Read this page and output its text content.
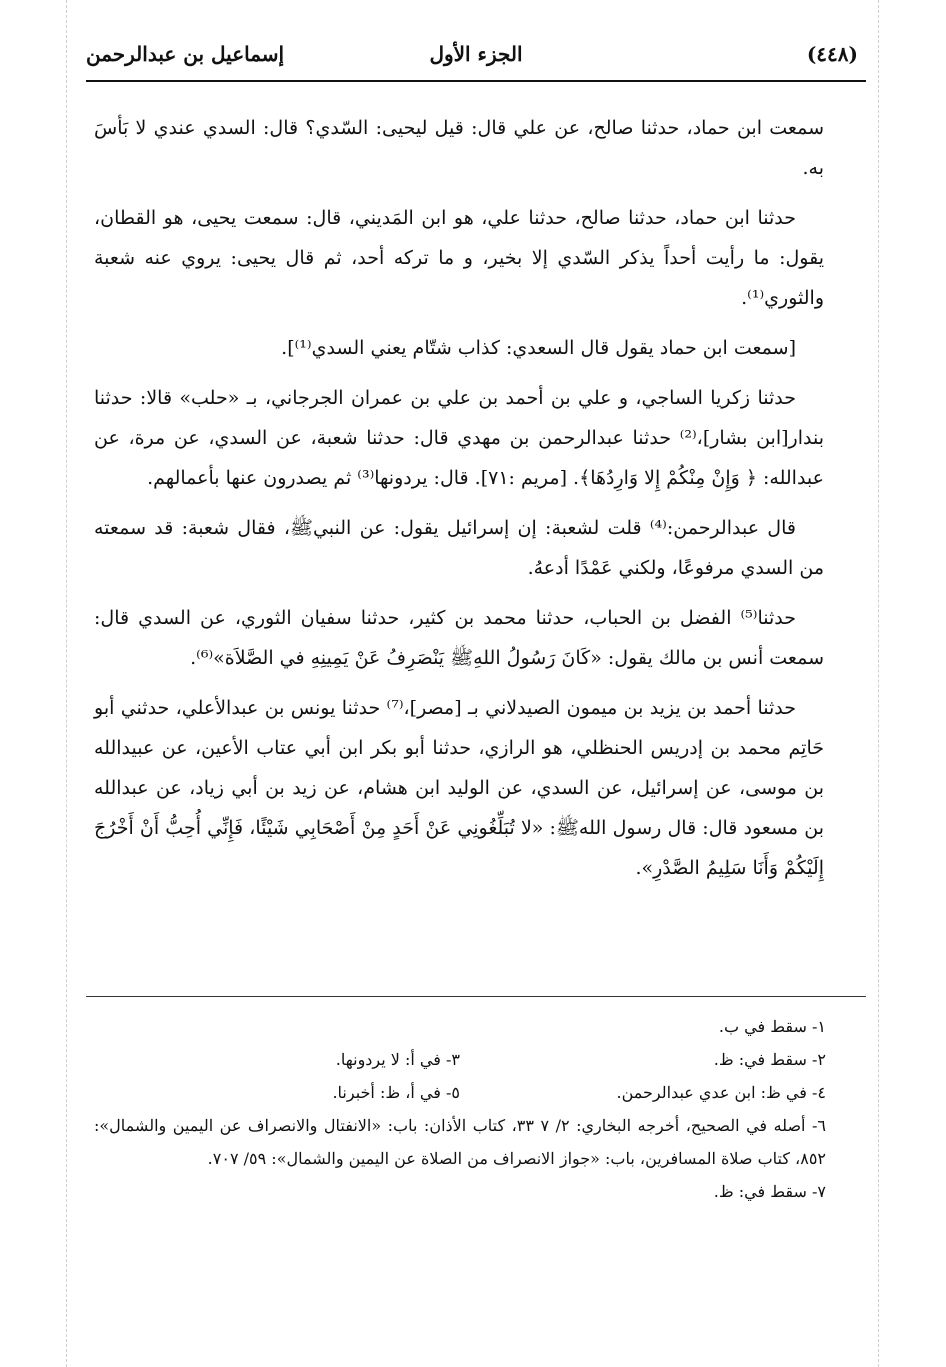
(٤٤٨)
الجزء الأول
إسماعيل بن عبدالرحمن

سمعت ابن حماد، حدثنا صالح، عن علي قال: قيل ليحيى: السّدي؟ قال: السدي عندي لا بَأسَ به.

حدثنا ابن حماد، حدثنا صالح، حدثنا علي، هو ابن المَديني، قال: سمعت يحيى، هو القطان، يقول: ما رأيت أحداً يذكر السّدي إلا بخير، و ما تركه أحد، ثم قال يحيى: يروي عنه شعبة والثوري⁽¹⁾.

[سمعت ابن حماد يقول قال السعدي: كذاب شتّام يعني السدي⁽¹⁾].

حدثنا زكريا الساجي، و علي بن أحمد بن علي بن عمران الجرجاني، بـ «حلب» قالا: حدثنا بندار[ابن بشار]،⁽²⁾ حدثنا عبدالرحمن بن مهدي قال: حدثنا شعبة، عن السدي، عن مرة، عن عبدالله: ﴿ وَإِنْ مِنْكُمْ إِلا وَارِدُهَا﴾. [مريم :٧١]. قال: يردونها⁽³⁾ ثم يصدرون عنها بأعمالهم.

قال عبدالرحمن:⁽⁴⁾ قلت لشعبة: إن إسرائيل يقول: عن النبيﷺ، فقال شعبة: قد سمعته من السدي مرفوعًا، ولكني عَمْدًا أدعهُ.

حدثنا⁽⁵⁾ الفضل بن الحباب، حدثنا محمد بن كثير، حدثنا سفيان الثوري، عن السدي قال: سمعت أنس بن مالك يقول: «كَانَ رَسُولُ اللهِﷺ يَنْصَرِفُ عَنْ يَمِينِهِ في الصَّلاَة»⁽⁶⁾.

حدثنا أحمد بن يزيد بن ميمون الصيدلاني بـ [مصر]،⁽⁷⁾ حدثنا يونس بن عبدالأعلي، حدثني أبو حَاتِم محمد بن إدريس الحنظلي، هو الرازي، حدثنا أبو بكر ابن أبي عتاب الأعين، عن عبيدالله بن موسى، عن إسرائيل، عن السدي، عن الوليد ابن هشام، عن زيد بن أبي زياد، عن عبدالله بن مسعود قال: قال رسول اللهﷺ: «لا تُبَلِّغُونِي عَنْ أَحَدٍ مِنْ أَصْحَابِي شَيْئًا، فَإِنِّي أُحِبُّ أَنْ أَخْرُجَ إِلَيْكُمْ وَأَنَا سَلِيمُ الصَّدْرِ».

١- سقط في ب.
٢- سقط في: ظ.
٣- في أ: لا يردونها.
٤- في ظ: ابن عدي عبدالرحمن.
٥- في أ، ظ: أخبرنا.
٦- أصله في الصحيح، أخرجه البخاري: ٢/ ٧ ٣٣، كتاب الأذان: باب: «الانفتال والانصراف عن اليمين والشمال»: ٨٥٢، كتاب صلاة المسافرين، باب: «جواز الانصراف من الصلاة عن اليمين والشمال»: ٥٩/ ٧٠٧.
٧- سقط في: ظ.
